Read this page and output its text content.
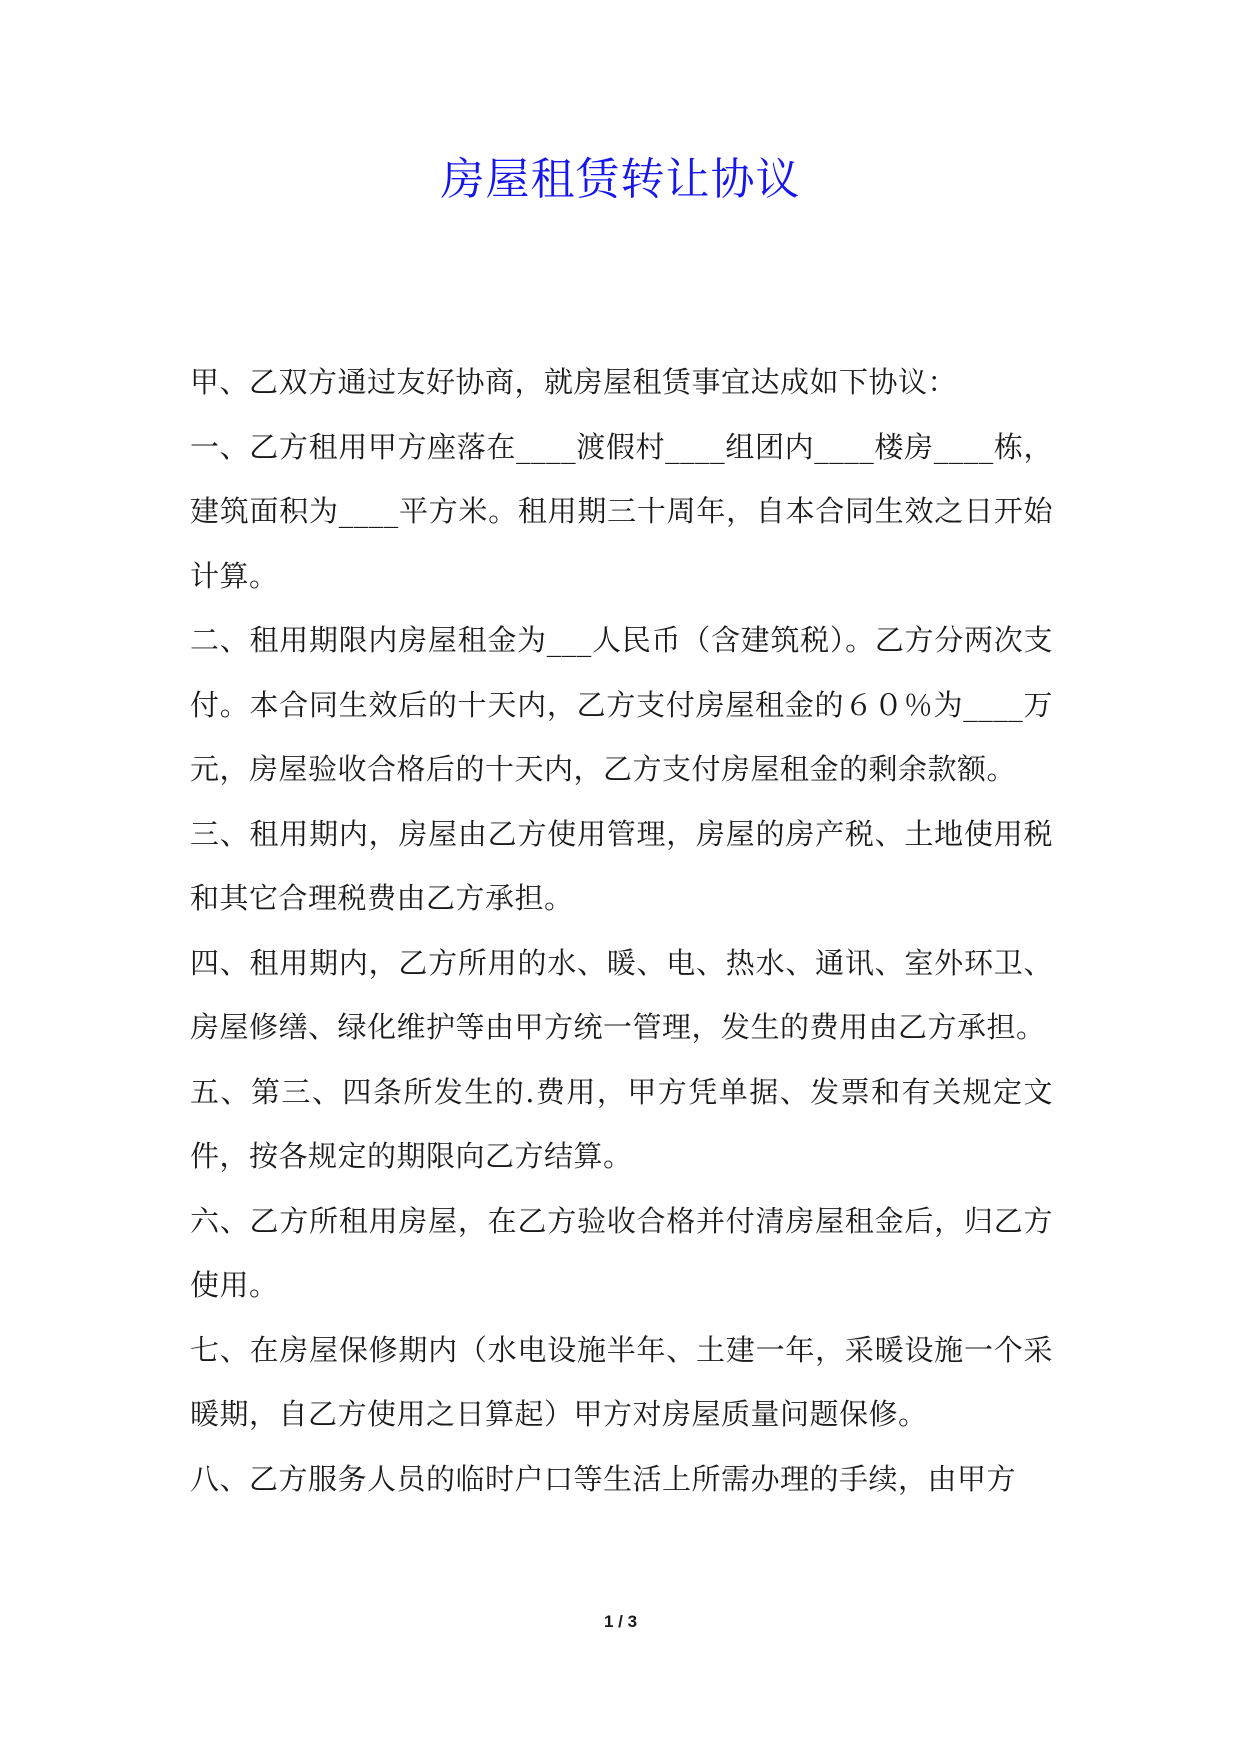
房屋租赁转让协议

甲、乙双方通过友好协商，就房屋租赁事宜达成如下协议：

一、乙方租用甲方座落在____渡假村____组团内____楼房____栋，建筑面积为____平方米。租用期三十周年，自本合同生效之日开始计算。

二、租用期限内房屋租金为___人民币（含建筑税）。乙方分两次支付。本合同生效后的十天内，乙方支付房屋租金的６０％为____万元，房屋验收合格后的十天内，乙方支付房屋租金的剩余款额。

三、租用期内，房屋由乙方使用管理，房屋的房产税、土地使用税和其它合理税费由乙方承担。

四、租用期内，乙方所用的水、暖、电、热水、通讯、室外环卫、房屋修缮、绿化维护等由甲方统一管理，发生的费用由乙方承担。

五、第三、四条所发生的.费用，甲方凭单据、发票和有关规定文件，按各规定的期限向乙方结算。

六、乙方所租用房屋，在乙方验收合格并付清房屋租金后，归乙方使用。

七、在房屋保修期内（水电设施半年、土建一年，采暖设施一个采暖期，自乙方使用之日算起）甲方对房屋质量问题保修。

八、乙方服务人员的临时户口等生活上所需办理的手续，由甲方

1 / 3
